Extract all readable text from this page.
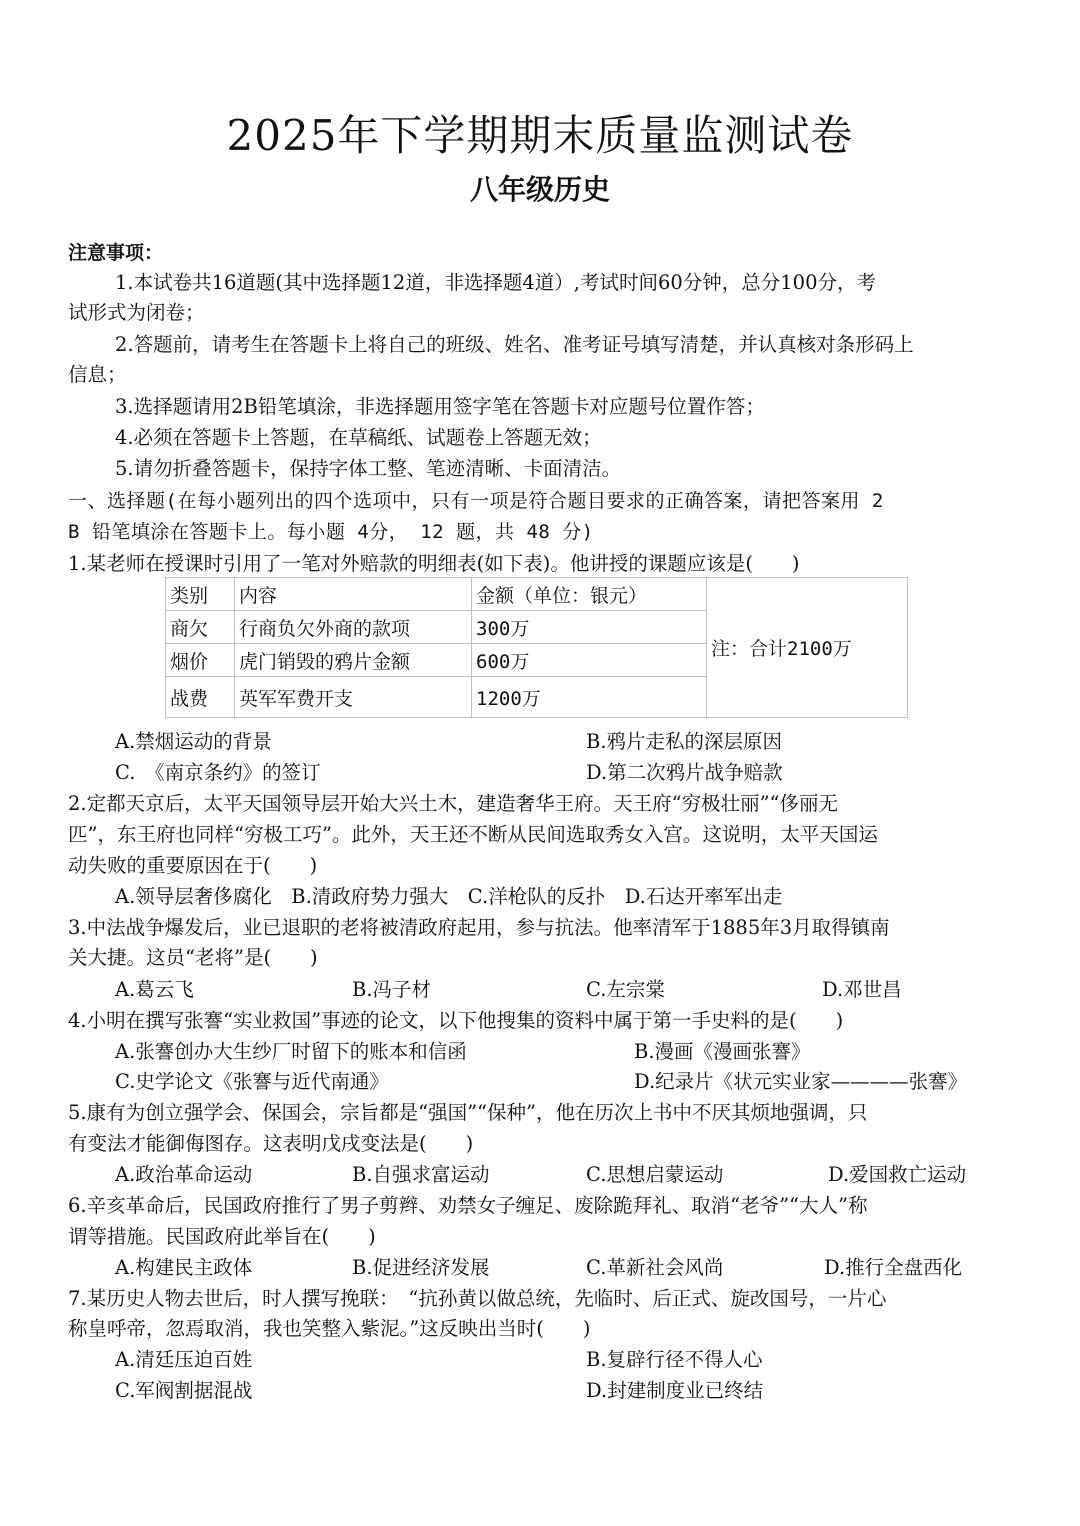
2025年下学期期末质量监测试卷
八年级历史
注意事项：
1.本试卷共16道题(其中选择题12道，非选择题4道）,考试时间60分钟，总分100分，考
试形式为闭卷；
2.答题前，请考生在答题卡上将自己的班级、姓名、准考证号填写清楚，并认真核对条形码上
信息；
3.选择题请用2B铅笔填涂，非选择题用签字笔在答题卡对应题号位置作答；
4.必须在答题卡上答题，在草稿纸、试题卷上答题无效；
5.请勿折叠答题卡，保持字体工整、笔迹清晰、卡面清洁。
一、选择题(在每小题列出的四个选项中，只有一项是符合题目要求的正确答案，请把答案用 2
B 铅笔填涂在答题卡上。每小题 4分， 12 题，共 48 分)
1.某老师在授课时引用了一笔对外赔款的明细表(如下表)。他讲授的课题应该是(　　)
类别	内容	金额（单位：银元）	注：合计2100万
商欠	行商负欠外商的款项	300万	
烟价	虎门销毁的鸦片金额	600万	
战费	英军军费开支	1200万	
A.禁烟运动的背景	B.鸦片走私的深层原因
C.　《南京条约》的签订	D.第二次鸦片战争赔款
2.定都天京后，太平天国领导层开始大兴土木，建造奢华王府。天王府“穷极壮丽”“侈丽无
匹”，东王府也同样“穷极工巧”。此外，天王还不断从民间选取秀女入宫。这说明，太平天国运
动失败的重要原因在于(　　)
A.领导层奢侈腐化　B.清政府势力强大　C.洋枪队的反扑　D.石达开率军出走
3.中法战争爆发后，业已退职的老将被清政府起用，参与抗法。他率清军于1885年3月取得镇南
关大捷。这员“老将”是(　　)
A.葛云飞	B.冯子材	C.左宗棠	D.邓世昌
4.小明在撰写张謇“实业救国”事迹的论文，以下他搜集的资料中属于第一手史料的是(　　)
A.张謇创办大生纱厂时留下的账本和信函	B.漫画《漫画张謇》
C.史学论文《张謇与近代南通》	D.纪录片《状元实业家————张謇》
5.康有为创立强学会、保国会，宗旨都是“强国”“保种”，他在历次上书中不厌其烦地强调，只
有变法才能御侮图存。这表明戊戌变法是(　　)
A.政治革命运动	B.自强求富运动	C.思想启蒙运动	D.爱国救亡运动
6.辛亥革命后，民国政府推行了男子剪辫、劝禁女子缠足、废除跪拜礼、取消“老爷”“大人”称
谓等措施。民国政府此举旨在(　　)
A.构建民主政体	B.促进经济发展	C.革新社会风尚	D.推行全盘西化
7.某历史人物去世后，时人撰写挽联：　“抗孙黄以做总统，先临时、后正式、旋改国号，一片心
称皇呼帝，忽焉取消，我也笑整入紫泥。”这反映出当时(　　)
A.清廷压迫百姓	B.复辟行径不得人心
C.军阀割据混战	D.封建制度业已终结
